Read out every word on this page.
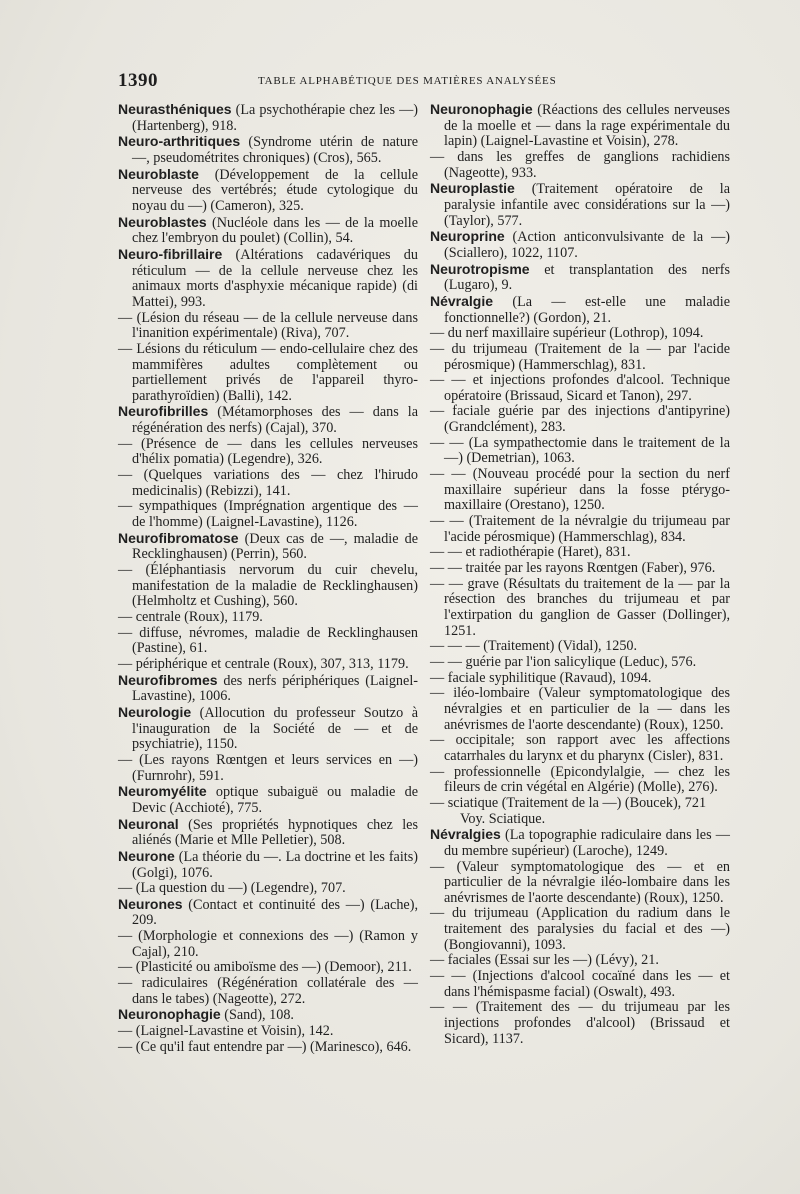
1390	TABLE ALPHABÉTIQUE DES MATIÈRES ANALYSÉES

Neurasthéniques (La psychothérapie chez les —) (Hartenberg), 918.

Neuro-arthritiques (Syndrome utérin de nature —, pseudométrites chroniques) (Cros), 565.

Neuroblaste (Développement de la cellule nerveuse des vertébrés; étude cytologique du noyau du —) (Cameron), 325.

Neuroblastes (Nucléole dans les — de la moelle chez l'embryon du poulet) (Collin), 54.

Neuro-fibrillaire (Altérations cadavériques du réticulum — de la cellule nerveuse chez les animaux morts d'asphyxie mécanique rapide) (di Mattei), 993.

— (Lésion du réseau — de la cellule nerveuse dans l'inanition expérimentale) (Riva), 707.

— Lésions du réticulum — endo-cellulaire chez des mammifères adultes complètement ou partiellement privés de l'appareil thyro-parathyroïdien) (Balli), 142.

Neurofibrilles (Métamorphoses des — dans la régénération des nerfs) (Cajal), 370.

— (Présence de — dans les cellules nerveuses d'hélix pomatia) (Legendre), 326.

— (Quelques variations des — chez l'hirudo medicinalis) (Rebizzi), 141.

— sympathiques (Imprégnation argentique des — de l'homme) (Laignel-Lavastine), 1126.

Neurofibromatose (Deux cas de —, maladie de Recklinghausen) (Perrin), 560.

— (Éléphantiasis nervorum du cuir chevelu, manifestation de la maladie de Recklinghausen) (Helmholtz et Cushing), 560.

— centrale (Roux), 1179.

— diffuse, névromes, maladie de Recklinghausen (Pastine), 61.

— périphérique et centrale (Roux), 307, 313, 1179.

Neurofibromes des nerfs périphériques (Laignel-Lavastine), 1006.

Neurologie (Allocution du professeur Soutzo à l'inauguration de la Société de — et de psychiatrie), 1150.

— (Les rayons Rœntgen et leurs services en —) (Furnrohr), 591.

Neuromyélite optique subaiguë ou maladie de Devic (Acchioté), 775.

Neuronal (Ses propriétés hypnotiques chez les aliénés (Marie et Mlle Pelletier), 508.

Neurone (La théorie du —. La doctrine et les faits) (Golgi), 1076.

— (La question du —) (Legendre), 707.

Neurones (Contact et continuité des —) (Lache), 209.

— (Morphologie et connexions des —) (Ramon y Cajal), 210.

— (Plasticité ou amiboïsme des —) (Demoor), 211.

— radiculaires (Régénération collatérale des — dans le tabes) (Nageotte), 272.

Neuronophagie (Sand), 108.

— (Laignel-Lavastine et Voisin), 142.

— (Ce qu'il faut entendre par —) (Marinesco), 646.

Neuronophagie (Réactions des cellules nerveuses de la moelle et — dans la rage expérimentale du lapin) (Laignel-Lavastine et Voisin), 278.

— dans les greffes de ganglions rachidiens (Nageotte), 933.

Neuroplastie (Traitement opératoire de la paralysie infantile avec considérations sur la —) (Taylor), 577.

Neuroprine (Action anticonvulsivante de la —) (Sciallero), 1022, 1107.

Neurotropisme et transplantation des nerfs (Lugaro), 9.

Névralgie (La — est-elle une maladie fonctionnelle?) (Gordon), 21.

— du nerf maxillaire supérieur (Lothrop), 1094.

— du trijumeau (Traitement de la — par l'acide pérosmique) (Hammerschlag), 831.

— — et injections profondes d'alcool. Technique opératoire (Brissaud, Sicard et Tanon), 297.

— faciale guérie par des injections d'antipyrine) (Grandclément), 283.

— — (La sympathectomie dans le traitement de la —) (Demetrian), 1063.

— — (Nouveau procédé pour la section du nerf maxillaire supérieur dans la fosse ptérygo-maxillaire (Orestano), 1250.

— — (Traitement de la névralgie du trijumeau par l'acide pérosmique) (Hammerschlag), 834.

— — et radiothérapie (Haret), 831.

— — traitée par les rayons Rœntgen (Faber), 976.

— — grave (Résultats du traitement de la — par la résection des branches du trijumeau et par l'extirpation du ganglion de Gasser (Dollinger), 1251.

— — — (Traitement) (Vidal), 1250.

— — guérie par l'ion salicylique (Leduc), 576.

— faciale syphilitique (Ravaud), 1094.

— iléo-lombaire (Valeur symptomatologique des névralgies et en particulier de la — dans les anévrismes de l'aorte descendante) (Roux), 1250.

— occipitale; son rapport avec les affections catarrhales du larynx et du pharynx (Cisler), 831.

— professionnelle (Epicondylalgie, — chez les fileurs de crin végétal en Algérie) (Molle), 276).

— sciatique (Traitement de la —) (Boucek), 721

Voy. Sciatique.

Névralgies (La topographie radiculaire dans les — du membre supérieur) (Laroche), 1249.

— (Valeur symptomatologique des — et en particulier de la névralgie iléo-lombaire dans les anévrismes de l'aorte descendante) (Roux), 1250.

— du trijumeau (Application du radium dans le traitement des paralysies du facial et des —) (Bongiovanni), 1093.

— faciales (Essai sur les —) (Lévy), 21.

— — (Injections d'alcool cocaïné dans les — et dans l'hémispasme facial) (Oswalt), 493.

— — (Traitement des — du trijumeau par les injections profondes d'alcool) (Brissaud et Sicard), 1137.
